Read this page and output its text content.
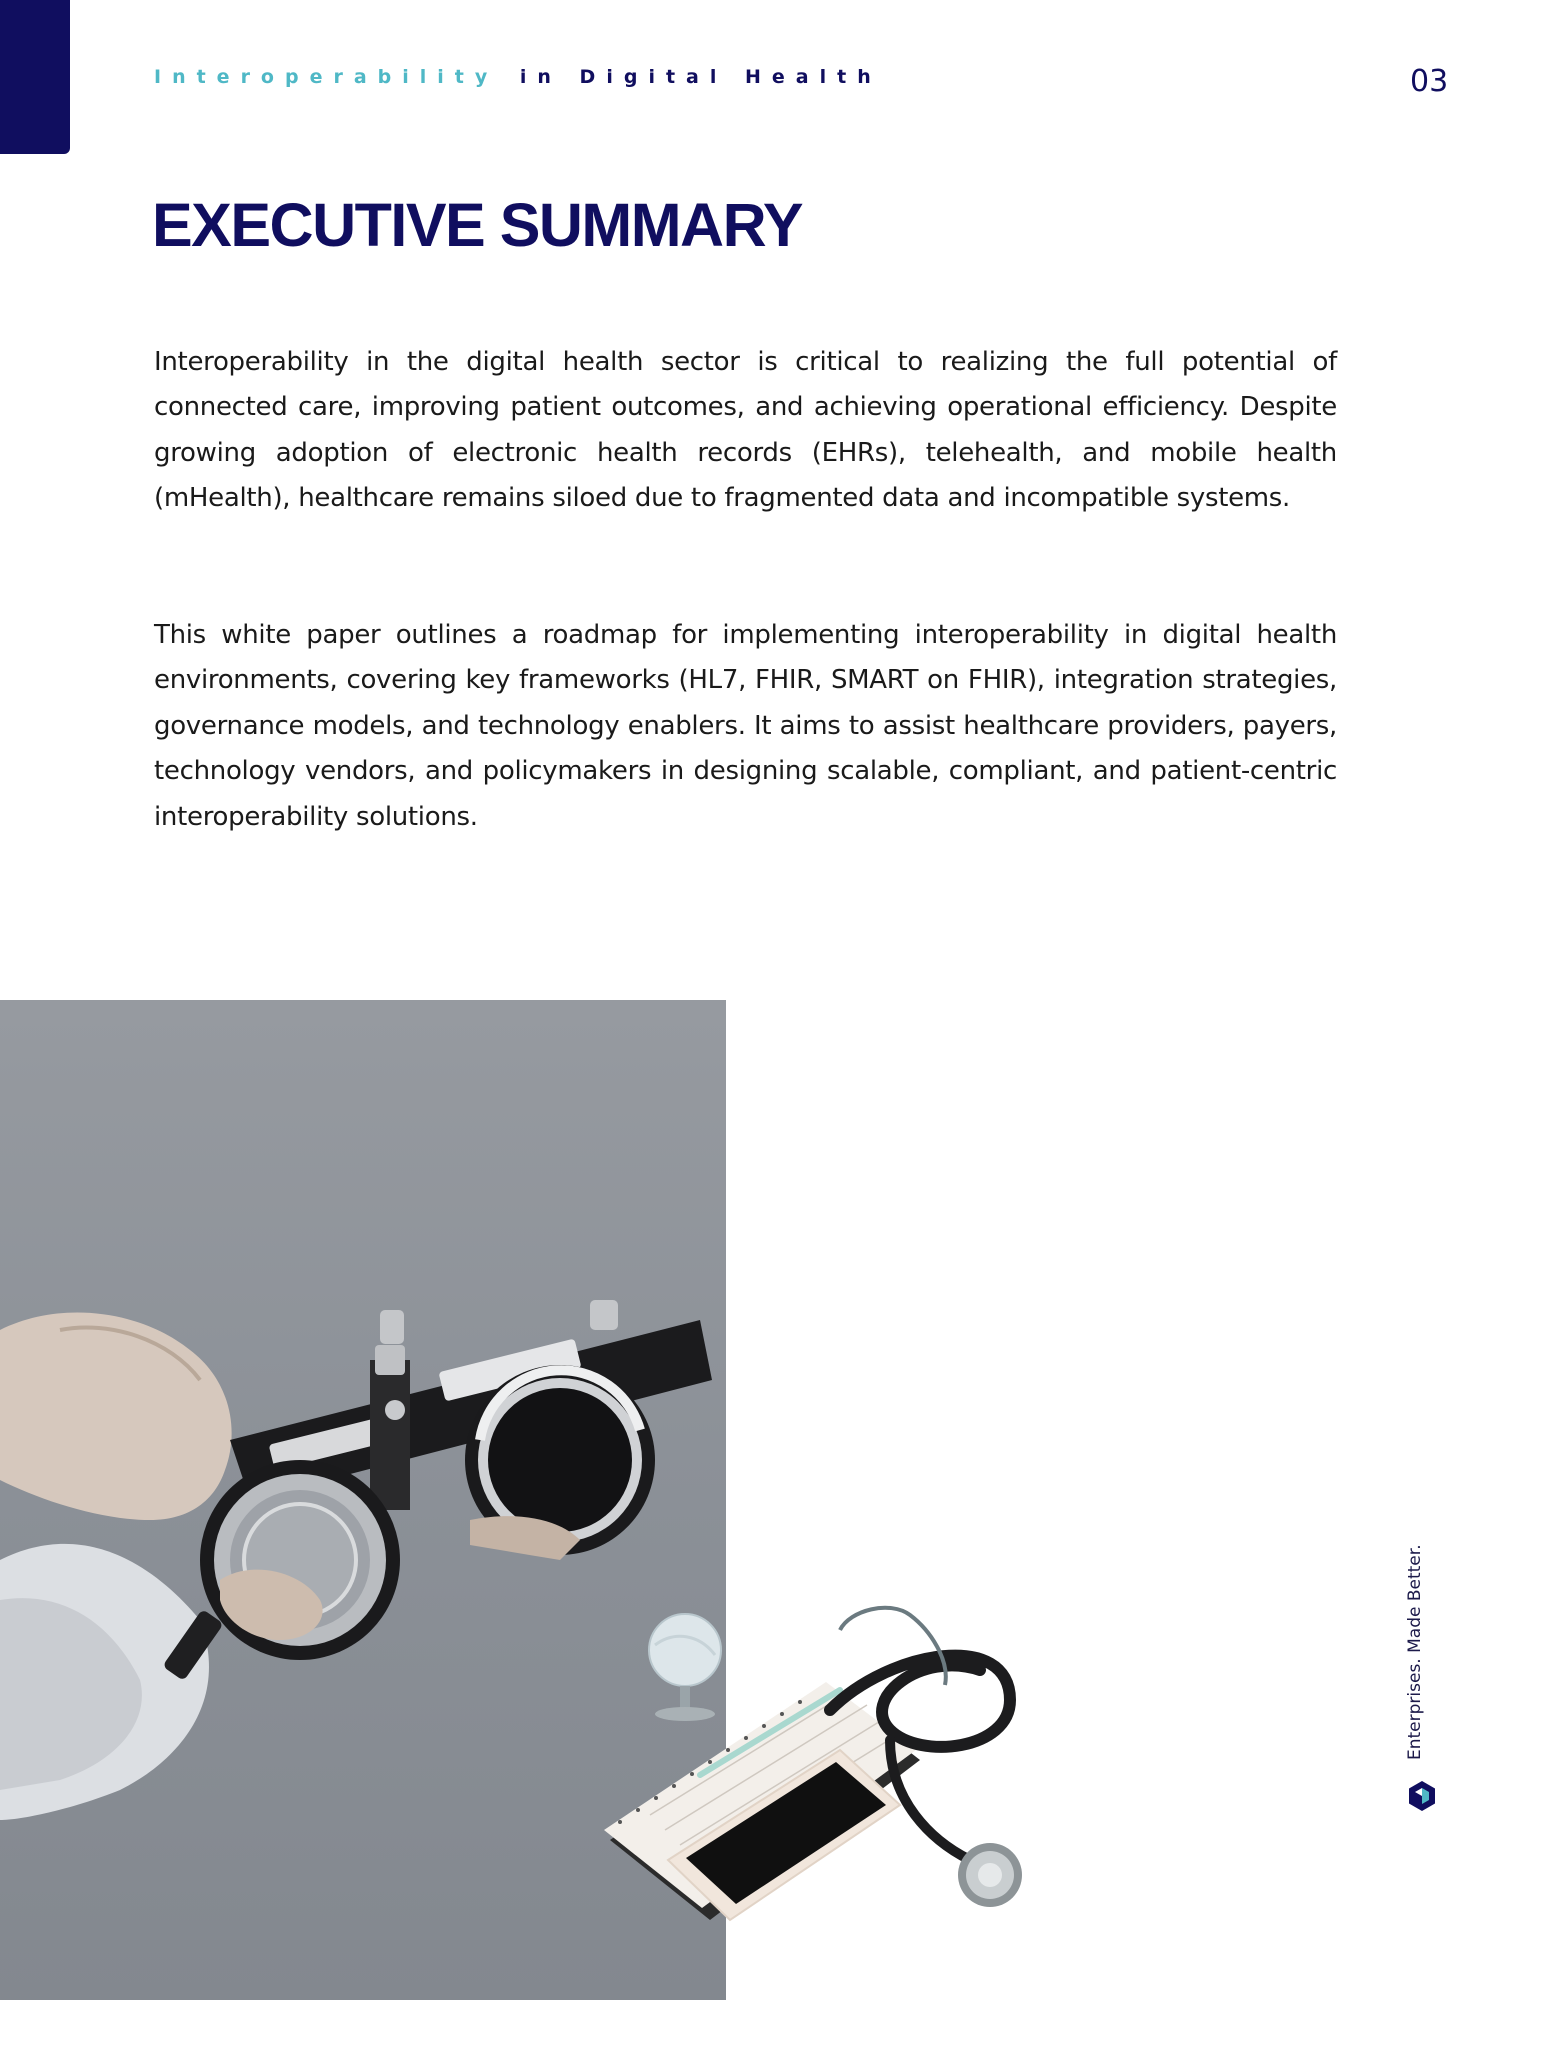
Interoperability in Digital Health	03
EXECUTIVE SUMMARY

Interoperability in the digital health sector is critical to realizing the full potential of connected care, improving patient outcomes, and achieving operational efficiency. Despite growing adoption of electronic health records (EHRs), telehealth, and mobile health (mHealth), healthcare remains siloed due to fragmented data and incompatible systems.

This white paper outlines a roadmap for implementing interoperability in digital health environments, covering key frameworks (HL7, FHIR, SMART on FHIR), integration strategies, governance models, and technology enablers. It aims to assist healthcare providers, payers, technology vendors, and policymakers in designing scalable, compliant, and patient-centric interoperability solutions.

Enterprises. Made Better.
